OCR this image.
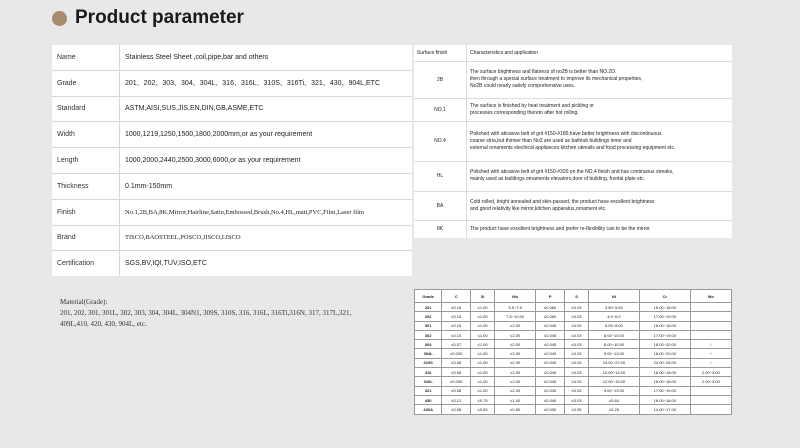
Product parameter
Name	Stainless Steel Sheet ,coil,pipe,bar and others
Grade	201、202、303、304、304L、316、316L、310S、316Ti、321、430、904L,ETC
Standard	ASTM,AISI,SUS,JIS,EN,DIN,GB,ASME,ETC
Width	1000,1219,1250,1500,1800,2000mm,or as your requirement
Length	1000,2000,2440,2500,3000,6000,or as your requirement
Thickness	0.1mm-150mm
Finish	No.1,2B,BA,8K,Mirror,Hairline,Satin,Embossed,Brush,No.4,HL,matt,PVC,Film,Laser film
Brand	TISCO,BAOSTEEL,POSCO,JISCO,LISCO
Certification	SGS,BV,IQI,TUV,ISO,ETC
Surface finish	Characteristics and application
2B	The surface brightness and flatness of no2B is better than NO.2D.
then through a special surface treatment to improve its mechanical properties,
No2B could nearly satisfy comprehensive uses.
NO.1	The surface is finished by heat treatment and pickling or
processes corresponding thereto after hot rolling.
NO.4	Polished with abrasive belt of grit #150-#180,have better brightness with discontinuous
coarse stria,but thinner than No3 are used as bathtub buildings inner and
external ornaments electrical appliances kitchen utensils and food processing equipment etc.
HL	Polished with abrasive belt of grit #150-#320 on the NO.4 finish and has continuous streaks,
mainly used as buildings ornaments elevators,door of building, frontal plate etc.
BA	Cold rolled, bright annealed and skin-passed, the product have excellent brightness
and good relativity like mirror,kitchen apparatus,ornament etc.
8K	The product have excellent brightness and prefer re-flexibility can to be the mirror.
Material(Grade):
201, 202, 301, 301L, 302, 303, 304, 304L, 304N1, 309S, 310S, 316, 316L, 316Ti,316N, 317, 317L,321, 409L,410, 420, 430, 904L, etc.
Grade	C	Si	Mn	P	S	Ni	Cr	Mo
201	≤0.15	≤1.00	5.5~7.5	≤0.060	≤0.03	3.50~5.50	16.00~18.00	
202	≤0.15	≤1.00	7.5~10.00	≤0.060	≤0.03	4.0~6.0	17.00~19.00	
301	≤0.15	≤1.00	≤2.00	≤0.045	≤0.03	6.00~8.00	16.00~18.00	
302	≤0.15	≤1.00	≤2.00	≤0.045	≤0.03	8.00~10.00	17.00~19.00	
304	≤0.07	≤1.00	≤2.00	≤0.045	≤0.03	8.00~10.50	18.00~20.00	/
304L	≤0.030	≤1.00	≤2.00	≤0.045	≤0.03	9.00~13.00	18.00~20.00	/
310S	≤0.08	≤1.00	≤2.00	≤0.045	≤0.03	19.00~22.00	24.00~26.00	/
316	≤0.08	≤1.00	≤2.00	≤0.045	≤0.03	10.00~14.00	16.00~18.00	2.00~3.00
316L	≤0.030	≤1.00	≤2.00	≤0.045	≤0.03	12.00~15.00	16.00~18.00	2.00~3.00
321	≤0.08	≤1.00	≤2.00	≤0.045	≤0.03	9.00~13.00	17.00~19.00	
430	≤0.12	≤0.75	≤1.00	≤0.040	≤0.03	≤0.60	16.00~18.00	
430A	≤0.06	≤0.50	≤0.50	≤0.030	≤0.05	≤0.25	14.00~17.00	
